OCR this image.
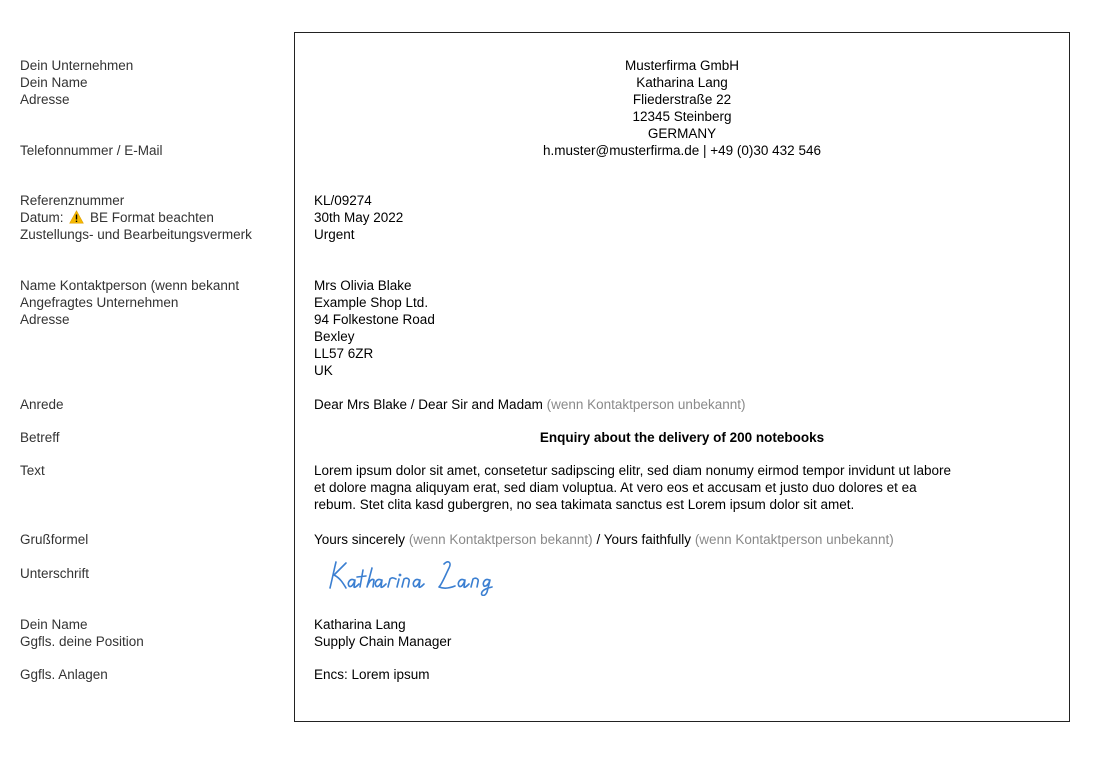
Dein Unternehmen
Dein Name
Adresse
Telefonnummer / E-Mail
Referenznummer
Datum: BE Format beachten
Zustellungs- und Bearbeitungsvermerk
Name Kontaktperson (wenn bekannt
Angefragtes Unternehmen
Adresse
Anrede
Betreff
Text
Grußformel
Unterschrift
Dein Name
Ggfls. deine Position
Ggfls. Anlagen
Musterfirma GmbH
Katharina Lang
Fliederstraße 22
12345 Steinberg
GERMANY
h.muster@musterfirma.de | +49 (0)30 432 546
KL/09274
30th May 2022
Urgent
Mrs Olivia Blake
Example Shop Ltd.
94 Folkestone Road
Bexley
LL57 6ZR
UK
Dear Mrs Blake / Dear Sir and Madam (wenn Kontaktperson unbekannt)
Enquiry about the delivery of 200 notebooks
Lorem ipsum dolor sit amet, consetetur sadipscing elitr, sed diam nonumy eirmod tempor invidunt ut labore
et dolore magna aliquyam erat, sed diam voluptua. At vero eos et accusam et justo duo dolores et ea
rebum. Stet clita kasd gubergren, no sea takimata sanctus est Lorem ipsum dolor sit amet.
Yours sincerely (wenn Kontaktperson bekannt) / Yours faithfully (wenn Kontaktperson unbekannt)
Katharina Lang
Supply Chain Manager
Encs: Lorem ipsum
